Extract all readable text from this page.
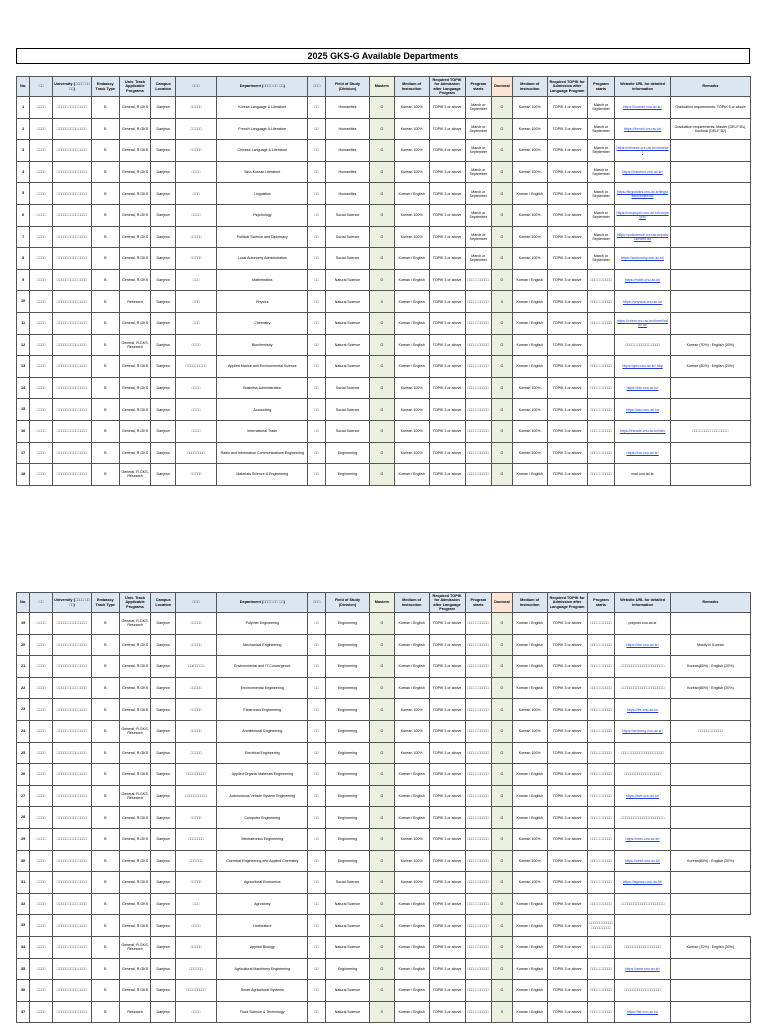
2025 GKS-G Available Departments
No.	□□	University (□□□□ □□ □□)	Embassy Track Type	Univ. Track Applicable Programs	Campus Location	□□□	Department (□□□□ □□ □□)	□□□	Field of Study (Division)	Masters	Medium of Instruction	Required TOPIK for Admission after Language Program	Program starts	Doctoral	Medium of Instruction	Required TOPIK for Admission after Language Program	Program starts	Website URL for detailed information	Remarks
1	□□□□	□□□□□ □□□□ □□□□	B	General, R-GKS	Daejeon	□□□□□	Korean Language & Literature	□□	Humanities	O	Korean 100%	TOPIK 3 or above	March or September	O	Korean 100%	TOPIK 4 or above	March or September	https://korean.cnu.ac.kr/	Graduation requirements: TOPIK 6 or above
2	□□□□	□□□□□ □□□□ □□□□	B	General, R-GKS	Daejeon	□□□□□	French Language & Literature	□□	Humanities	O	Korean 100%	TOPIK 3 or above	March or September	O	Korean 100%	TOPIK 3 or above	March or September	https://french.cnu.ac.kr/	Graduation requirements: Master (DELF B1), Doctoral (DELF B2)
3	□□□□	□□□□□ □□□□ □□□□	B	General, R-GKS	Daejeon	□□□□□	Chinese Language & Literature	□□	Humanities	O	Korean 100%	TOPIK 4 or above	March or September	O	Korean 100%	TOPIK 4 or above	March or September	https://chinese.cnu.ac.kr/chinese/	
4	□□□□	□□□□□ □□□□ □□□□	B	General, R-GKS	Daejeon	□□□□	Sino-Korean Literature	□□	Humanities	O	Korean 100%	TOPIK 3 or above	March or September	O	Korean 100%	TOPIK 4 or above	March or September	https://hanmun.cnu.ac.kr/	
5	□□□□	□□□□□ □□□□ □□□□	B	General, R-GKS	Daejeon	□□□	Linguistics	□□	Humanities	O	Korean / English	TOPIK 3 or above	March or September	O	Korean / English	TOPIK 3 or above	March or September	https://linguistics.cnu.ac.kr/linguistics/index.do	
6	□□□□	□□□□□ □□□□ □□□□	B	General, R-GKS	Daejeon	□□□□	Psychology	□□	Social Science	O	Korean 100%	TOPIK 3 or above	March or September	O	Korean 100%	TOPIK 3 or above	March or September	https://cnupsych.cnu.ac.kr/cnupsych/	
7	□□□□	□□□□□ □□□□ □□□□	B	General, R-GKS	Daejeon	□□□□□	Political Science and Diplomacy	□□	Social Science	O	Korean 100%	TOPIK 3 or above	March or September	O	Korean 100%	TOPIK 3 or above	March or September	https://polscience.cnu.ac.kr/polsci/index.do	
8	□□□□	□□□□□ □□□□ □□□□	B	General, R-GKS	Daejeon	□□□□□	Local Autonomy Administration	□□	Social Science	O	Korean / English	TOPIK 3 or above	March or September	O	Korean 100%	TOPIK 3 or above	March or September	https://autonomy.cnu.ac.kr/	
9	□□□□	□□□□□ □□□□ □□□□	B	General, R-GKS	Daejeon	□□□	Mathematics	□□	Natural Science	O	Korean / English	TOPIK 3 or above	□□□ □ □□□□□	O	Korean / English	TOPIK 3 or above	□□□ □ □□□□□	https://math.cnu.ac.kr/	
10	□□□□	□□□□□ □□□□ □□□□	B	Research	Daejeon	□□□	Physics	□□	Natural Science	X	Korean / English	TOPIK 3 or above	□□□ □ □□□□□	X	Korean / English	TOPIK 3 or above	□□□ □ □□□□□	https://physics.cnu.ac.kr/	
11	□□□□	□□□□□ □□□□ □□□□	B	General, R-GKS	Daejeon	□□□	Chemistry	□□	Natural Science	O	Korean / English	TOPIK 3 or above	□□□ □ □□□□□	O	Korean / English	TOPIK 3 or above	□□□ □ □□□□□	https://chem.cnu.ac.kr/chem/index.do	
12	□□□□	□□□□□ □□□□ □□□□	B	General, R-GKS, Research	Daejeon	□□□□	Biochemistry	□□	Natural Science	O	Korean / English	TOPIK 3 or above	□□□ □ □□□□□	O	Korean / English	TOPIK 3 or above		□□□□□ □□□□□□ □□□□	Korean (70%) : English (30%)
13	□□□□	□□□□□ □□□□ □□□□	B	General, R-GKS	Daejeon	□□□□ □□□□□	Applied Marine and Environmental Science	□□	Natural Science	O	Korean / English	TOPIK 3 or above	□□□ □ □□□□□	O	Korean / English	TOPIK 3 or above	□□□ □ □□□□□	https://geo.cnu.ac.kr/ http	Korean (80%) : English (20%)
14	□□□□	□□□□□ □□□□ □□□□	B	General, R-GKS	Daejeon	□□□□	Business Administration	□□	Social Science	O	Korean 100%	TOPIK 4 or above	□□□ □ □□□□□	O	Korean 100%	TOPIK 4 or above	□□□ □ □□□□□	https://biz.cnu.ac.kr/	
15	□□□□	□□□□□ □□□□ □□□□	B	General, R-GKS	Daejeon	□□□□	Accounting	□□	Social Science	O	Korean 100%	TOPIK 3 or above	□□□ □ □□□□□	O	Korean 100%	TOPIK 4 or above	□□□ □ □□□□□	https://acc.cnu.ac.kr/	
16	□□□□	□□□□□ □□□□ □□□□	B	General, R-GKS	Daejeon	□□□□	International Trade	□□	Social Science	O	Korean 100%	TOPIK 3 or above	□□□ □ □□□□□	O	Korean 100%	TOPIK 3 or above	□□□ □ □□□□□	https://intrade.cnu.ac.kr/inter	□□□□ □□□□ □□□ □□□□
17	□□□□	□□□□□ □□□□ □□□□	B	General, R-GKS	Daejeon	□□□□□□□□	Radio and Information Communications Engineering	□□	Engineering	O	Korean 100%	TOPIK 3 or above	□□□ □ □□□□□	O	Korean 100%	TOPIK 3 or above	□□□ □ □□□□□	https://rcs.cnu.ac.kr/	
18	□□□□	□□□□□ □□□□ □□□□	B	General, R-GKS, Research	Daejeon	□□□□□	Materials Science & Engineering	□□	Engineering	O	Korean / English	TOPIK 3 or above	□□□ □ □□□□□	O	Korean / English	TOPIK 3 or above	□□□ □ □□□□□	mse.cnu.ac.kr	
No.	□□	University (□□□□ □□ □□)	Embassy Track Type	Univ. Track Applicable Programs	Campus Location	□□□	Department (□□□□ □□ □□)	□□□	Field of Study (Division)	Masters	Medium of Instruction	Required TOPIK for Admission after Language Program	Program starts	Doctoral	Medium of Instruction	Required TOPIK for Admission after Language Program	Program starts	Website URL for detailed information	Remarks
19	□□□□	□□□□□ □□□□ □□□□	B	General, R-GKS, Research	Daejeon	□□□□□	Polymer Engineering	□□	Engineering	O	Korean / English	TOPIK 3 or above	□□□ □ □□□□□	O	Korean / English	TOPIK 3 or above	□□□ □ □□□□□	polymer.cnu.ac.kr	
20	□□□□	□□□□□ □□□□ □□□□	B	General, R-GKS	Daejeon	□□□□□	Mechanical Engineering	□□	Engineering	O	Korean / English	TOPIK 3 or above	□□□ □ □□□□□	O	Korean / English	TOPIK 3 or above	□□□ □ □□□□□	https://me.cnu.ac.kr/	Mostly in Korean
21	□□□□	□□□□□ □□□□ □□□□	B	General, R-GKS	Daejeon	□□/□□□□□	Environmental and IT Convergence	□□	Engineering	O	Korean / English	TOPIK 3 or above	□□□ □ □□□□□	O	Korean / English	TOPIK 3 or above	□□□ □ □□□□□	□□□□□□□□□□□□□□□□□□□□	Korean(80%) : English (20%)
22	□□□□	□□□□□ □□□□ □□□□	B	General, R-GKS	Daejeon	□□□□□	Environmental Engineering	□□	Engineering	O	Korean / English	TOPIK 3 or above	□□□ □ □□□□□	O	Korean / English	TOPIK 3 or above	□□□ □ □□□□□	□□□□□□□□□□□□□□□□□□□□	Korean(80%) : English (20%)
23	□□□□	□□□□□ □□□□ □□□□	B	General, R-GKS	Daejeon	□□□□□	Electronics Engineering	□□	Engineering	O	Korean 100%	TOPIK 3 or above	□□□ □ □□□□□	O	Korean 100%	TOPIK 3 or above	□□□ □ □□□□□	https://ee.cnu.ac.kr/	
24	□□□□	□□□□□ □□□□ □□□□	B	General, R-GKS, Research	Daejeon	□□□□□	Architectural Engineering	□□	Engineering	O	Korean 100%	TOPIK 3 or above	□□□ □ □□□□□	O	Korean 100%	TOPIK 3 or above	□□□ □ □□□□□	https://archeng.cnu.ac.kr/	□□□□□ □□□□□□
25	□□□□	□□□□□ □□□□ □□□□	B	General, R-GKS	Daejeon	□□□□□	Electrical Engineering	□□	Engineering	O	Korean 100%	TOPIK 3 or above	□□□ □ □□□□□	O	Korean 100%	TOPIK 3 or above	□□□ □ □□□□□	□□□ □□□□□□□□□□□□□□□□	
26	□□□□	□□□□□ □□□□ □□□□	B	General, R-GKS	Daejeon	□□□□□□□□□	Applied Organic Materials Engineering	□□	Engineering	O	Korean / English	TOPIK 3 or above	□□□ □ □□□□□	O	Korean / English	TOPIK 3 or above	□□□ □ □□□□□	□□□□□□□□□□□□□□□□□	
27	□□□□	□□□□□ □□□□ □□□□	B	General, R-GKS, Research	Daejeon	□□□□□□□□□□	Autonomous Vehicle System Engineering	□□	Engineering	O	Korean / English	TOPIK 3 or above	□□□ □ □□□□□	O	Korean / English	TOPIK 3 or above	□□□ □ □□□□□	https://ave.cnu.ac.kr/	
28	□□□□	□□□□□ □□□□ □□□□	B	General, R-GKS	Daejeon	□□□□□	Computer Engineering	□□	Engineering	O	Korean / English	TOPIK 3 or above	□□□ □ □□□□□	O	Korean / English	TOPIK 3 or above	□□□ □ □□□□□	□□□□□□□□□□□□□□□□□□□□	
29	□□□□	□□□□□ □□□□ □□□□	B	General, R-GKS	Daejeon	□□□□□□□	Mechatronics Engineering	□□	Engineering	O	Korean 100%	TOPIK 3 or above	□□□ □ □□□□□	O	Korean 100%	TOPIK 3 or above	□□□ □ □□□□□	https://mec.cnu.ac.kr/	
30	□□□□	□□□□□ □□□□ □□□□	B	General, R-GKS	Daejeon	□□□□□□	Chemical Engineering and Applied Chemistry	□□	Engineering	O	Korean 100%	TOPIK 3 or above	□□□ □ □□□□□	O	Korean 100%	TOPIK 3 or above	□□□ □ □□□□□	https://cese.cnu.ac.kr/	Korean(80%) : English (20%)
31	□□□□	□□□□□ □□□□ □□□□	B	General, R-GKS	Daejeon	□□□□□	Agricultural Economics	□□	Social Science	O	Korean 100%	TOPIK 3 or above	□□□ □ □□□□□	O	Korean 100%	TOPIK 3 or above	□□□ □ □□□□□	https://agecon.cnu.ac.kr/	
32	□□□□	□□□□□ □□□□ □□□□	B	General, R-GKS	Daejeon	□□□	Agronomy	□□	Natural Science	O	Korean / English	TOPIK 3 or above	□□□ □ □□□□□	O	Korean / English	TOPIK 3 or above	□□□ □ □□□□□	□□□□□□□□□□□□□□□□□□□□	
33	□□□□	□□□□□ □□□□ □□□□	B	General, R-GKS	Daejeon	□□□□	Horticulture	□□	Natural Science	O	Korean / English	TOPIK 3 or above	□□□ □ □□□□□	O	Korean / English	TOPIK 3 or above	□□□□□□□□□□□□□□□□□□□□		
34	□□□□	□□□□□ □□□□ □□□□	B	General, R-GKS, Research	Daejeon	□□□□□	Applied Biology	□□	Natural Science	O	Korean / English	TOPIK 3 or above	□□□ □ □□□□□	O	Korean / English	TOPIK 3 or above	□□□ □ □□□□□	□□□□□□□□□□□□□□□□□	Korean (70%) : English (30%)
35	□□□□	□□□□□ □□□□ □□□□	B	General, R-GKS	Daejeon	□□□□□□	Agricultural Machinery Engineering	□□	Engineering	O	Korean / English	TOPIK 3 or above	□□□ □ □□□□□	O	Korean / English	TOPIK 3 or above	□□□ □ □□□□□	https://ame.cnu.ac.kr/	
36	□□□□	□□□□□ □□□□ □□□□	B	General, R-GKS	Daejeon	□□□□□□□□□	Smart Agricultural Systems	□□	Natural Science	O	Korean / English	TOPIK 3 or above	□□□ □ □□□□□	O	Korean / English	TOPIK 3 or above	□□□ □ □□□□□	□□□□□□□□□□□□□□□□□	
37	□□□□	□□□□□ □□□□ □□□□	B	Research	Daejeon	□□□□	Food Science & Technology	□□	Natural Science	X	Korean / English	TOPIK 3 or above	□□□ □ □□□□□	X	Korean / English	TOPIK 3 or above	□□□ □ □□□□□	https://fst.cnu.ac.kr/	
